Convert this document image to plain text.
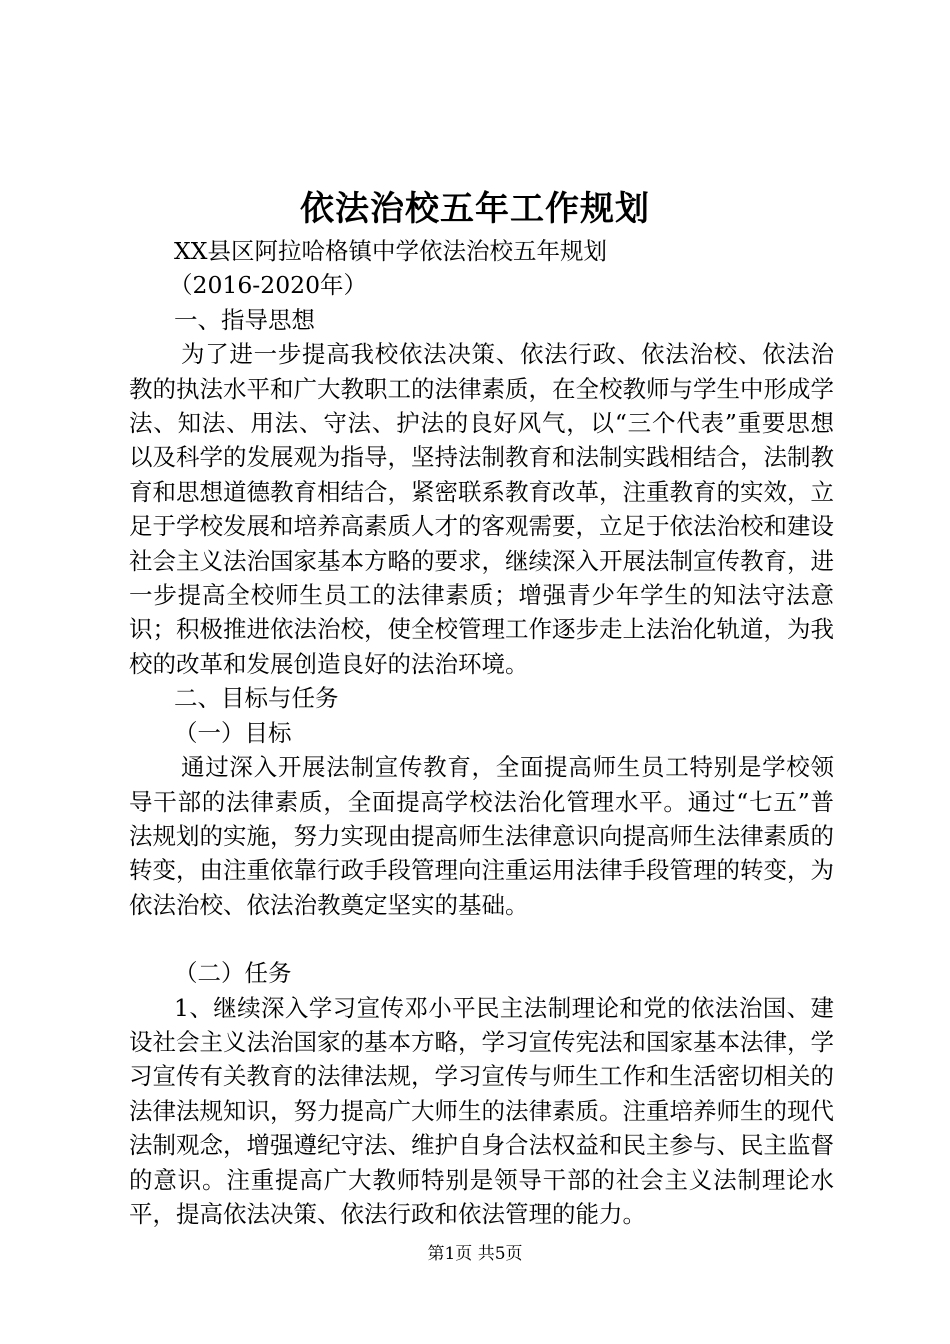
依法治校五年工作规划

XX县区阿拉哈格镇中学依法治校五年规划

（2016-2020年）

一、指导思想

为了进一步提高我校依法决策、依法行政、依法治校、依法治教的执法水平和广大教职工的法律素质，在全校教师与学生中形成学法、知法、用法、守法、护法的良好风气，以“三个代表”重要思想以及科学的发展观为指导，坚持法制教育和法制实践相结合，法制教育和思想道德教育相结合，紧密联系教育改革，注重教育的实效，立足于学校发展和培养高素质人才的客观需要，立足于依法治校和建设社会主义法治国家基本方略的要求，继续深入开展法制宣传教育，进一步提高全校师生员工的法律素质；增强青少年学生的知法守法意识；积极推进依法治校，使全校管理工作逐步走上法治化轨道，为我校的改革和发展创造良好的法治环境。

二、目标与任务

（一）目标

通过深入开展法制宣传教育，全面提高师生员工特别是学校领导干部的法律素质，全面提高学校法治化管理水平。通过“七五”普法规划的实施，努力实现由提高师生法律意识向提高师生法律素质的转变，由注重依靠行政手段管理向注重运用法律手段管理的转变，为依法治校、依法治教奠定坚实的基础。

（二）任务

1、继续深入学习宣传邓小平民主法制理论和党的依法治国、建设社会主义法治国家的基本方略，学习宣传宪法和国家基本法律，学习宣传有关教育的法律法规，学习宣传与师生工作和生活密切相关的法律法规知识，努力提高广大师生的法律素质。注重培养师生的现代法制观念，增强遵纪守法、维护自身合法权益和民主参与、民主监督的意识。注重提高广大教师特别是领导干部的社会主义法制理论水平，提高依法决策、依法行政和依法管理的能力。

第1页 共5页
